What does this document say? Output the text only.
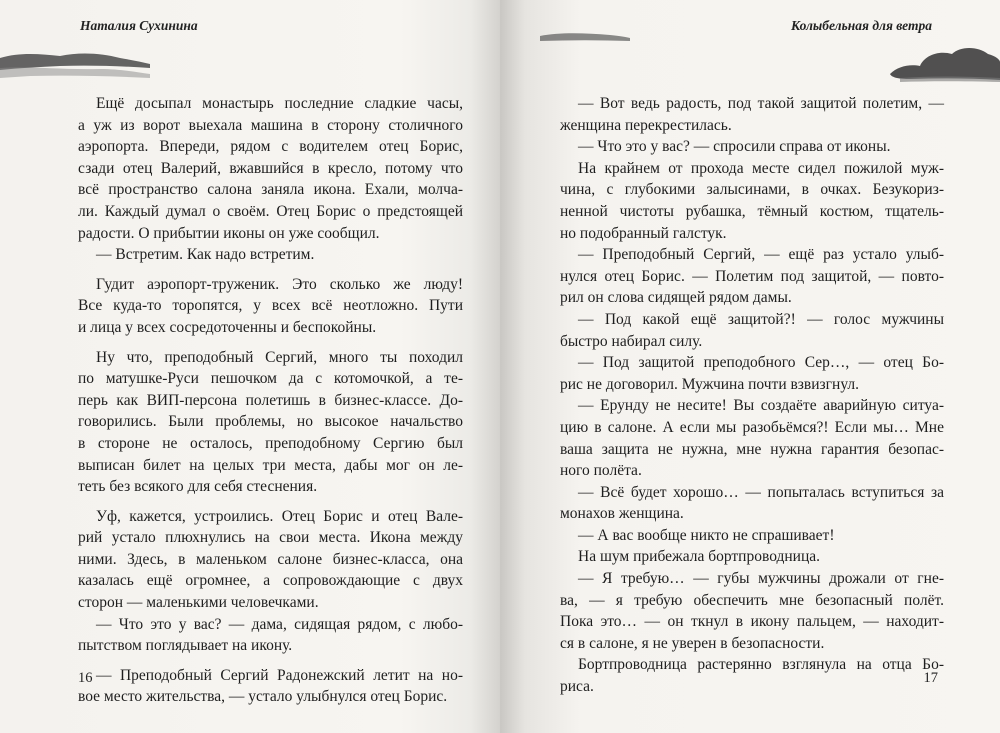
Наталия Сухинина
Ещё досыпал монастырь последние сладкие часы,
а уж из ворот выехала машина в сторону столичного
аэропорта. Впереди, рядом с водителем отец Борис,
сзади отец Валерий, вжавшийся в кресло, потому что
всё пространство салона заняла икона. Ехали, молча-
ли. Каждый думал о своём. Отец Борис о предстоящей
радости. О прибытии иконы он уже сообщил.
— Встретим. Как надо встретим.
Гудит аэропорт-труженик. Это сколько же люду!
Все куда-то торопятся, у всех всё неотложно. Пути
и лица у всех сосредоточенны и беспокойны.
Ну что, преподобный Сергий, много ты походил
по матушке-Руси пешочком да с котомочкой, а те-
перь как ВИП-персона полетишь в бизнес-классе. До-
говорились. Были проблемы, но высокое начальство
в стороне не осталось, преподобному Сергию был
выписан билет на целых три места, дабы мог он ле-
теть без всякого для себя стеснения.
Уф, кажется, устроились. Отец Борис и отец Вале-
рий устало плюхнулись на свои места. Икона между
ними. Здесь, в маленьком салоне бизнес-класса, она
казалась ещё огромнее, а сопровождающие с двух
сторон — маленькими человечками.
— Что это у вас? — дама, сидящая рядом, с любо-
пытством поглядывает на икону.
— Преподобный Сергий Радонежский летит на но-
вое место жительства, — устало улыбнулся отец Борис.
16
Колыбельная для ветра
— Вот ведь радость, под такой защитой полетим, —
женщина перекрестилась.
— Что это у вас? — спросили справа от иконы.
На крайнем от прохода месте сидел пожилой муж-
чина, с глубокими залысинами, в очках. Безукориз-
ненной чистоты рубашка, тёмный костюм, тщатель-
но подобранный галстук.
— Преподобный Сергий, — ещё раз устало улыб-
нулся отец Борис. — Полетим под защитой, — повто-
рил он слова сидящей рядом дамы.
— Под какой ещё защитой?! — голос мужчины
быстро набирал силу.
— Под защитой преподобного Сер…, — отец Бо-
рис не договорил. Мужчина почти взвизгнул.
— Ерунду не несите! Вы создаёте аварийную ситуа-
цию в салоне. А если мы разобьёмся?! Если мы… Мне
ваша защита не нужна, мне нужна гарантия безопас-
ного полёта.
— Всё будет хорошо… — попыталась вступиться за
монахов женщина.
— А вас вообще никто не спрашивает!
На шум прибежала бортпроводница.
— Я требую… — губы мужчины дрожали от гне-
ва, — я требую обеспечить мне безопасный полёт.
Пока это… — он ткнул в икону пальцем, — находит-
ся в салоне, я не уверен в безопасности.
Бортпроводница растерянно взглянула на отца Бо-
риса.
17
